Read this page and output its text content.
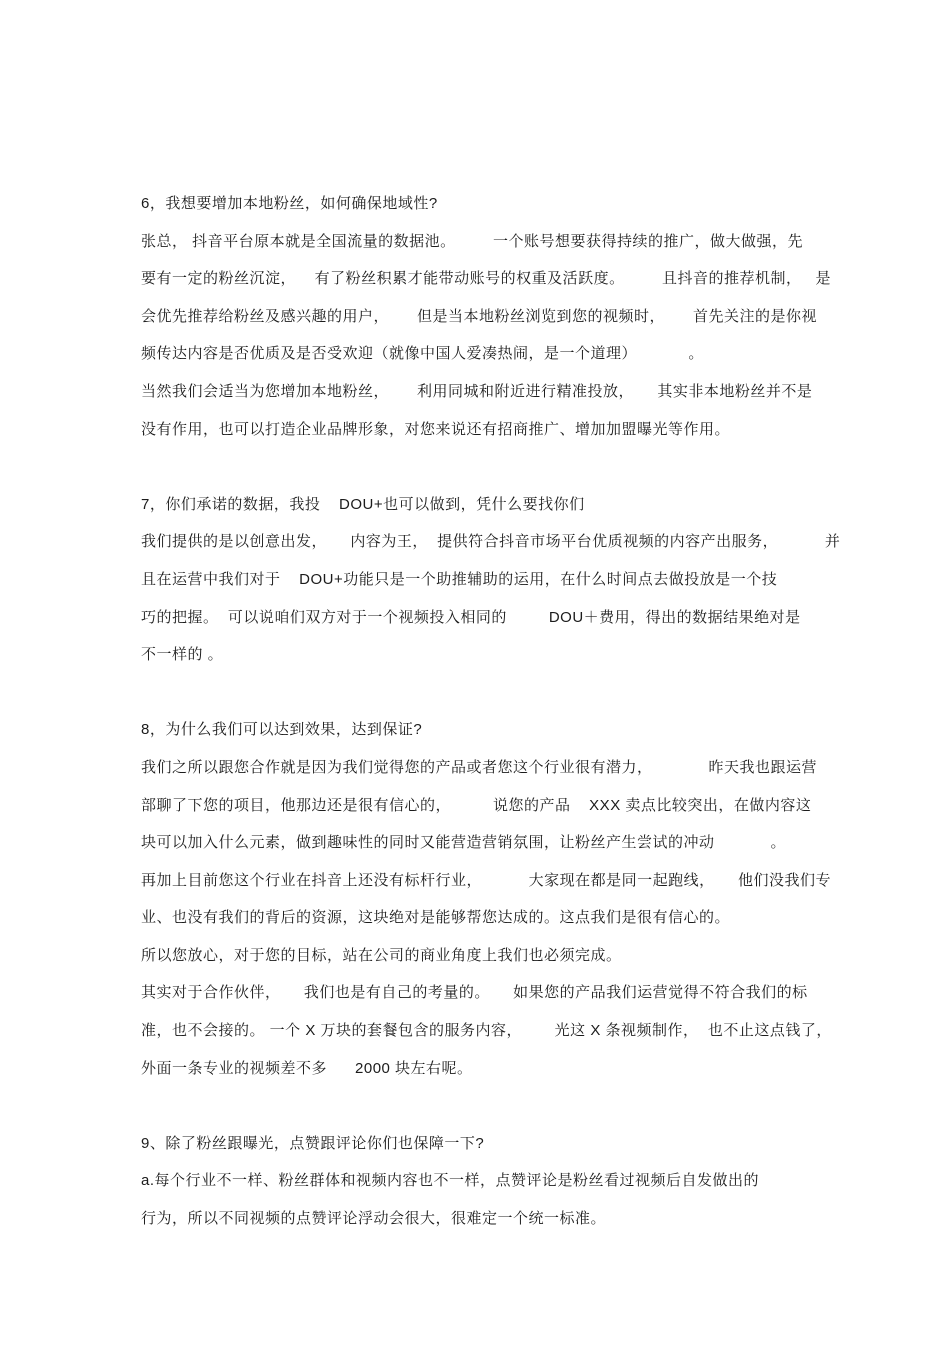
6，我想要增加本地粉丝，如何确保地域性?
张总， 抖音平台原本就是全国流量的数据池。        一个账号想要获得持续的推广，做大做强，先
要有一定的粉丝沉淀，    有了粉丝积累才能带动账号的权重及活跃度。        且抖音的推荐机制，   是
会优先推荐给粉丝及感兴趣的用户，      但是当本地粉丝浏览到您的视频时，      首先关注的是你视
频传达内容是否优质及是否受欢迎（就像中国人爱凑热闹，是一个道理）           。
当然我们会适当为您增加本地粉丝，      利用同城和附近进行精准投放，     其实非本地粉丝并不是
没有作用，也可以打造企业品牌形象，对您来说还有招商推广、增加加盟曝光等作用。
7，你们承诺的数据，我投    DOU+也可以做到，凭什么要找你们
我们提供的是以创意出发，     内容为王，  提供符合抖音市场平台优质视频的内容产出服务，          并
且在运营中我们对于    DOU+功能只是一个助推辅助的运用，在什么时间点去做投放是一个技
巧的把握。  可以说咱们双方对于一个视频投入相同的         DOU＋费用，得出的数据结果绝对是
不一样的 。
8，为什么我们可以达到效果，达到保证?
我们之所以跟您合作就是因为我们觉得您的产品或者您这个行业很有潜力，            昨天我也跟运营
部聊了下您的项目，他那边还是很有信心的，         说您的产品    XXX 卖点比较突出，在做内容这
块可以加入什么元素，做到趣味性的同时又能营造营销氛围，让粉丝产生尝试的冲动            。
再加上目前您这个行业在抖音上还没有标杆行业，          大家现在都是同一起跑线，     他们没我们专
业、也没有我们的背后的资源，这块绝对是能够帮您达成的。这点我们是很有信心的。
所以您放心，对于您的目标，站在公司的商业角度上我们也必须完成。
其实对于合作伙伴，     我们也是有自己的考量的。     如果您的产品我们运营觉得不符合我们的标
准，也不会接的。 一个 X 万块的套餐包含的服务内容，       光这 X 条视频制作，  也不止这点钱了，
外面一条专业的视频差不多      2000 块左右呢。
9、除了粉丝跟曝光，点赞跟评论你们也保障一下?
a.每个行业不一样、粉丝群体和视频内容也不一样，点赞评论是粉丝看过视频后自发做出的
行为，所以不同视频的点赞评论浮动会很大，很难定一个统一标准。
